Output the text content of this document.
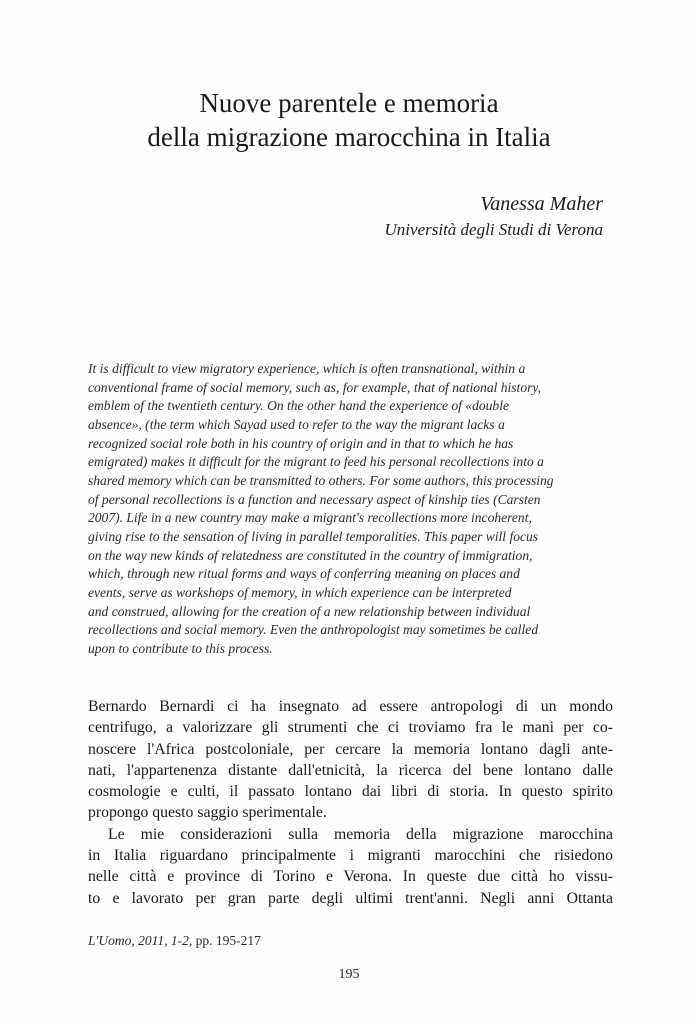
Nuove parentele e memoria
della migrazione marocchina in Italia
Vanessa Maher
Università degli Studi di Verona
It is difficult to view migratory experience, which is often transnational, within a
conventional frame of social memory, such as, for example, that of national history,
emblem of the twentieth century. On the other hand the experience of «double
absence», (the term which Sayad used to refer to the way the migrant lacks a
recognized social role both in his country of origin and in that to which he has
emigrated) makes it difficult for the migrant to feed his personal recollections into a
shared memory which can be transmitted to others. For some authors, this processing
of personal recollections is a function and necessary aspect of kinship ties (Carsten
2007). Life in a new country may make a migrant's recollections more incoherent,
giving rise to the sensation of living in parallel temporalities. This paper will focus
on the way new kinds of relatedness are constituted in the country of immigration,
which, through new ritual forms and ways of conferring meaning on places and
events, serve as workshops of memory, in which experience can be interpreted
and construed, allowing for the creation of a new relationship between individual
recollections and social memory. Even the anthropologist may sometimes be called
upon to contribute to this process.
Bernardo Bernardi ci ha insegnato ad essere antropologi di un mondo
centrifugo, a valorizzare gli strumenti che ci troviamo fra le mani per co-
noscere l'Africa postcoloniale, per cercare la memoria lontano dagli ante-
nati, l'appartenenza distante dall'etnicità, la ricerca del bene lontano dalle
cosmologie e culti, il passato lontano dai libri di storia. In questo spirito
propongo questo saggio sperimentale.
Le mie considerazioni sulla memoria della migrazione marocchina
in Italia riguardano principalmente i migranti marocchini che risiedono
nelle città e province di Torino e Verona. In queste due città ho vissu-
to e lavorato per gran parte degli ultimi trent'anni. Negli anni Ottanta
L'Uomo, 2011, 1-2, pp. 195-217
195
